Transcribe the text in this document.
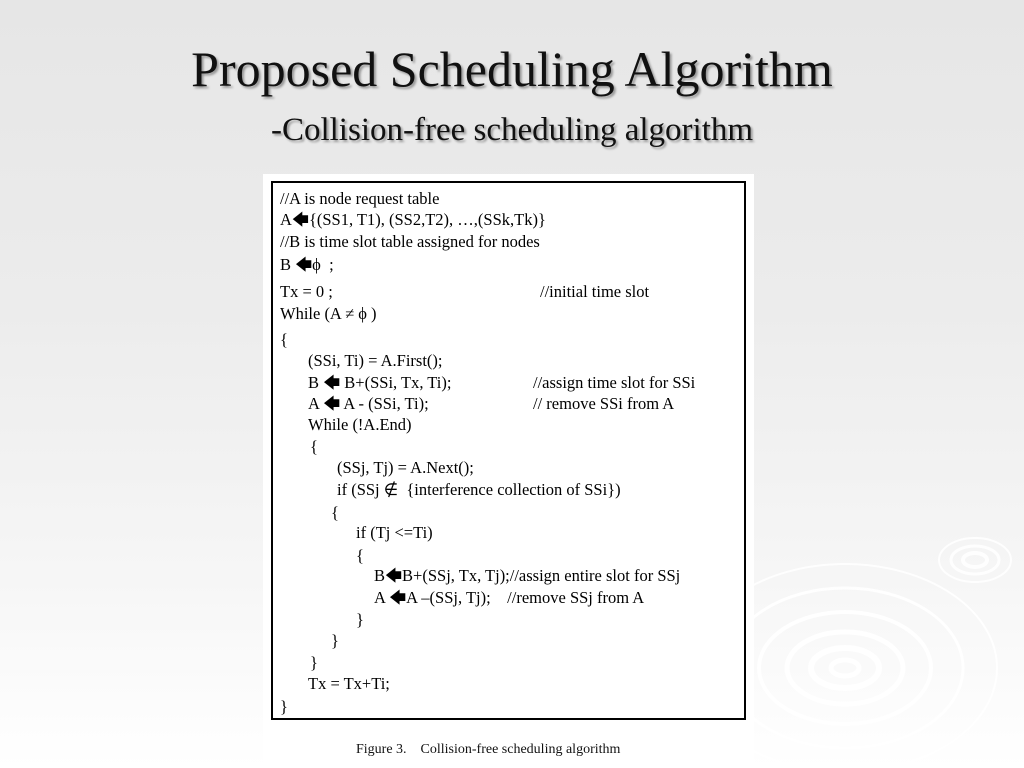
Proposed Scheduling Algorithm
-Collision-free scheduling algorithm
//A is node request table
A🡄{(SS1, T1), (SS2,T2), …,(SSk,Tk)}
//B is time slot table assigned for nodes
B 🡄ϕ  ;
Tx = 0 ;
While (A ≠ ϕ )
{
(SSi, Ti) = A.First();
B 🡄 B+(SSi, Tx, Ti);
A 🡄 A - (SSi, Ti);
While (!A.End)
{
(SSj, Tj) = A.Next();
if (SSj ∉  {interference collection of SSi})
{
if (Tj <=Ti)
{
B🡄B+(SSj, Tx, Tj);//assign entire slot for SSj
A 🡄A –(SSj, Tj);    //remove SSj from A
}
}
}
Tx = Tx+Ti;
}
//initial time slot
//assign time slot for SSi
// remove SSi from A
Figure 3.    Collision-free scheduling algorithm
